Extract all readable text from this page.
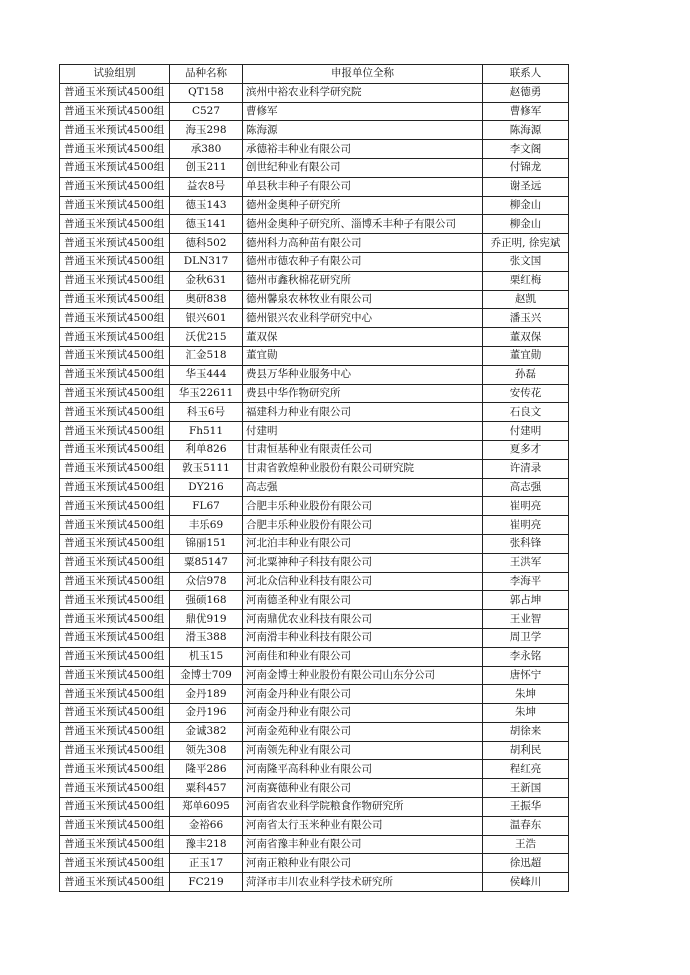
试验组别	品种名称	申报单位全称	联系人
普通玉米预试4500组	QT158	滨州中裕农业科学研究院	赵德勇
普通玉米预试4500组	C527	曹修军	曹修军
普通玉米预试4500组	海玉298	陈海源	陈海源
普通玉米预试4500组	承380	承德裕丰种业有限公司	李文阁
普通玉米预试4500组	创玉211	创世纪种业有限公司	付锦龙
普通玉米预试4500组	益农8号	单县秋丰种子有限公司	谢圣远
普通玉米预试4500组	德玉143	德州金奥种子研究所	柳金山
普通玉米预试4500组	德玉141	德州金奥种子研究所、淄博禾丰种子有限公司	柳金山
普通玉米预试4500组	德科502	德州科力高种苗有限公司	乔正明, 徐宪斌
普通玉米预试4500组	DLN317	德州市德农种子有限公司	张文国
普通玉米预试4500组	金秋631	德州市鑫秋棉花研究所	栗红梅
普通玉米预试4500组	奥研838	德州馨泉农林牧业有限公司	赵凯
普通玉米预试4500组	银兴601	德州银兴农业科学研究中心	潘玉兴
普通玉米预试4500组	沃优215	董双保	董双保
普通玉米预试4500组	汇金518	董宜勋	董宜勋
普通玉米预试4500组	华玉444	费县万华种业服务中心	孙磊
普通玉米预试4500组	华玉22611	费县中华作物研究所	安传花
普通玉米预试4500组	科玉6号	福建科力种业有限公司	石良文
普通玉米预试4500组	Fh511	付建明	付建明
普通玉米预试4500组	利单826	甘肃恒基种业有限责任公司	夏多才
普通玉米预试4500组	敦玉5111	甘肃省敦煌种业股份有限公司研究院	许清录
普通玉米预试4500组	DY216	高志强	高志强
普通玉米预试4500组	FL67	合肥丰乐种业股份有限公司	崔明亮
普通玉米预试4500组	丰乐69	合肥丰乐种业股份有限公司	崔明亮
普通玉米预试4500组	锦丽151	河北泊丰种业有限公司	张科锋
普通玉米预试4500组	粟85147	河北粟神种子科技有限公司	王洪军
普通玉米预试4500组	众信978	河北众信种业科技有限公司	李海平
普通玉米预试4500组	强硕168	河南德圣种业有限公司	郭占坤
普通玉米预试4500组	鼎优919	河南鼎优农业科技有限公司	王业智
普通玉米预试4500组	滑玉388	河南滑丰种业科技有限公司	周卫学
普通玉米预试4500组	机玉15	河南佳和种业有限公司	李永铭
普通玉米预试4500组	金博士709	河南金博士种业股份有限公司山东分公司	唐怀宁
普通玉米预试4500组	金丹189	河南金丹种业有限公司	朱坤
普通玉米预试4500组	金丹196	河南金丹种业有限公司	朱坤
普通玉米预试4500组	金诚382	河南金苑种业有限公司	胡徐来
普通玉米预试4500组	领先308	河南领先种业有限公司	胡利民
普通玉米预试4500组	隆平286	河南隆平高科种业有限公司	程红亮
普通玉米预试4500组	粟科457	河南赛德种业有限公司	王新国
普通玉米预试4500组	郑单6095	河南省农业科学院粮食作物研究所	王振华
普通玉米预试4500组	金裕66	河南省太行玉米种业有限公司	温春东
普通玉米预试4500组	豫丰218	河南省豫丰种业有限公司	王浩
普通玉米预试4500组	正玉17	河南正粮种业有限公司	徐迅超
普通玉米预试4500组	FC219	菏泽市丰川农业科学技术研究所	侯峰川
